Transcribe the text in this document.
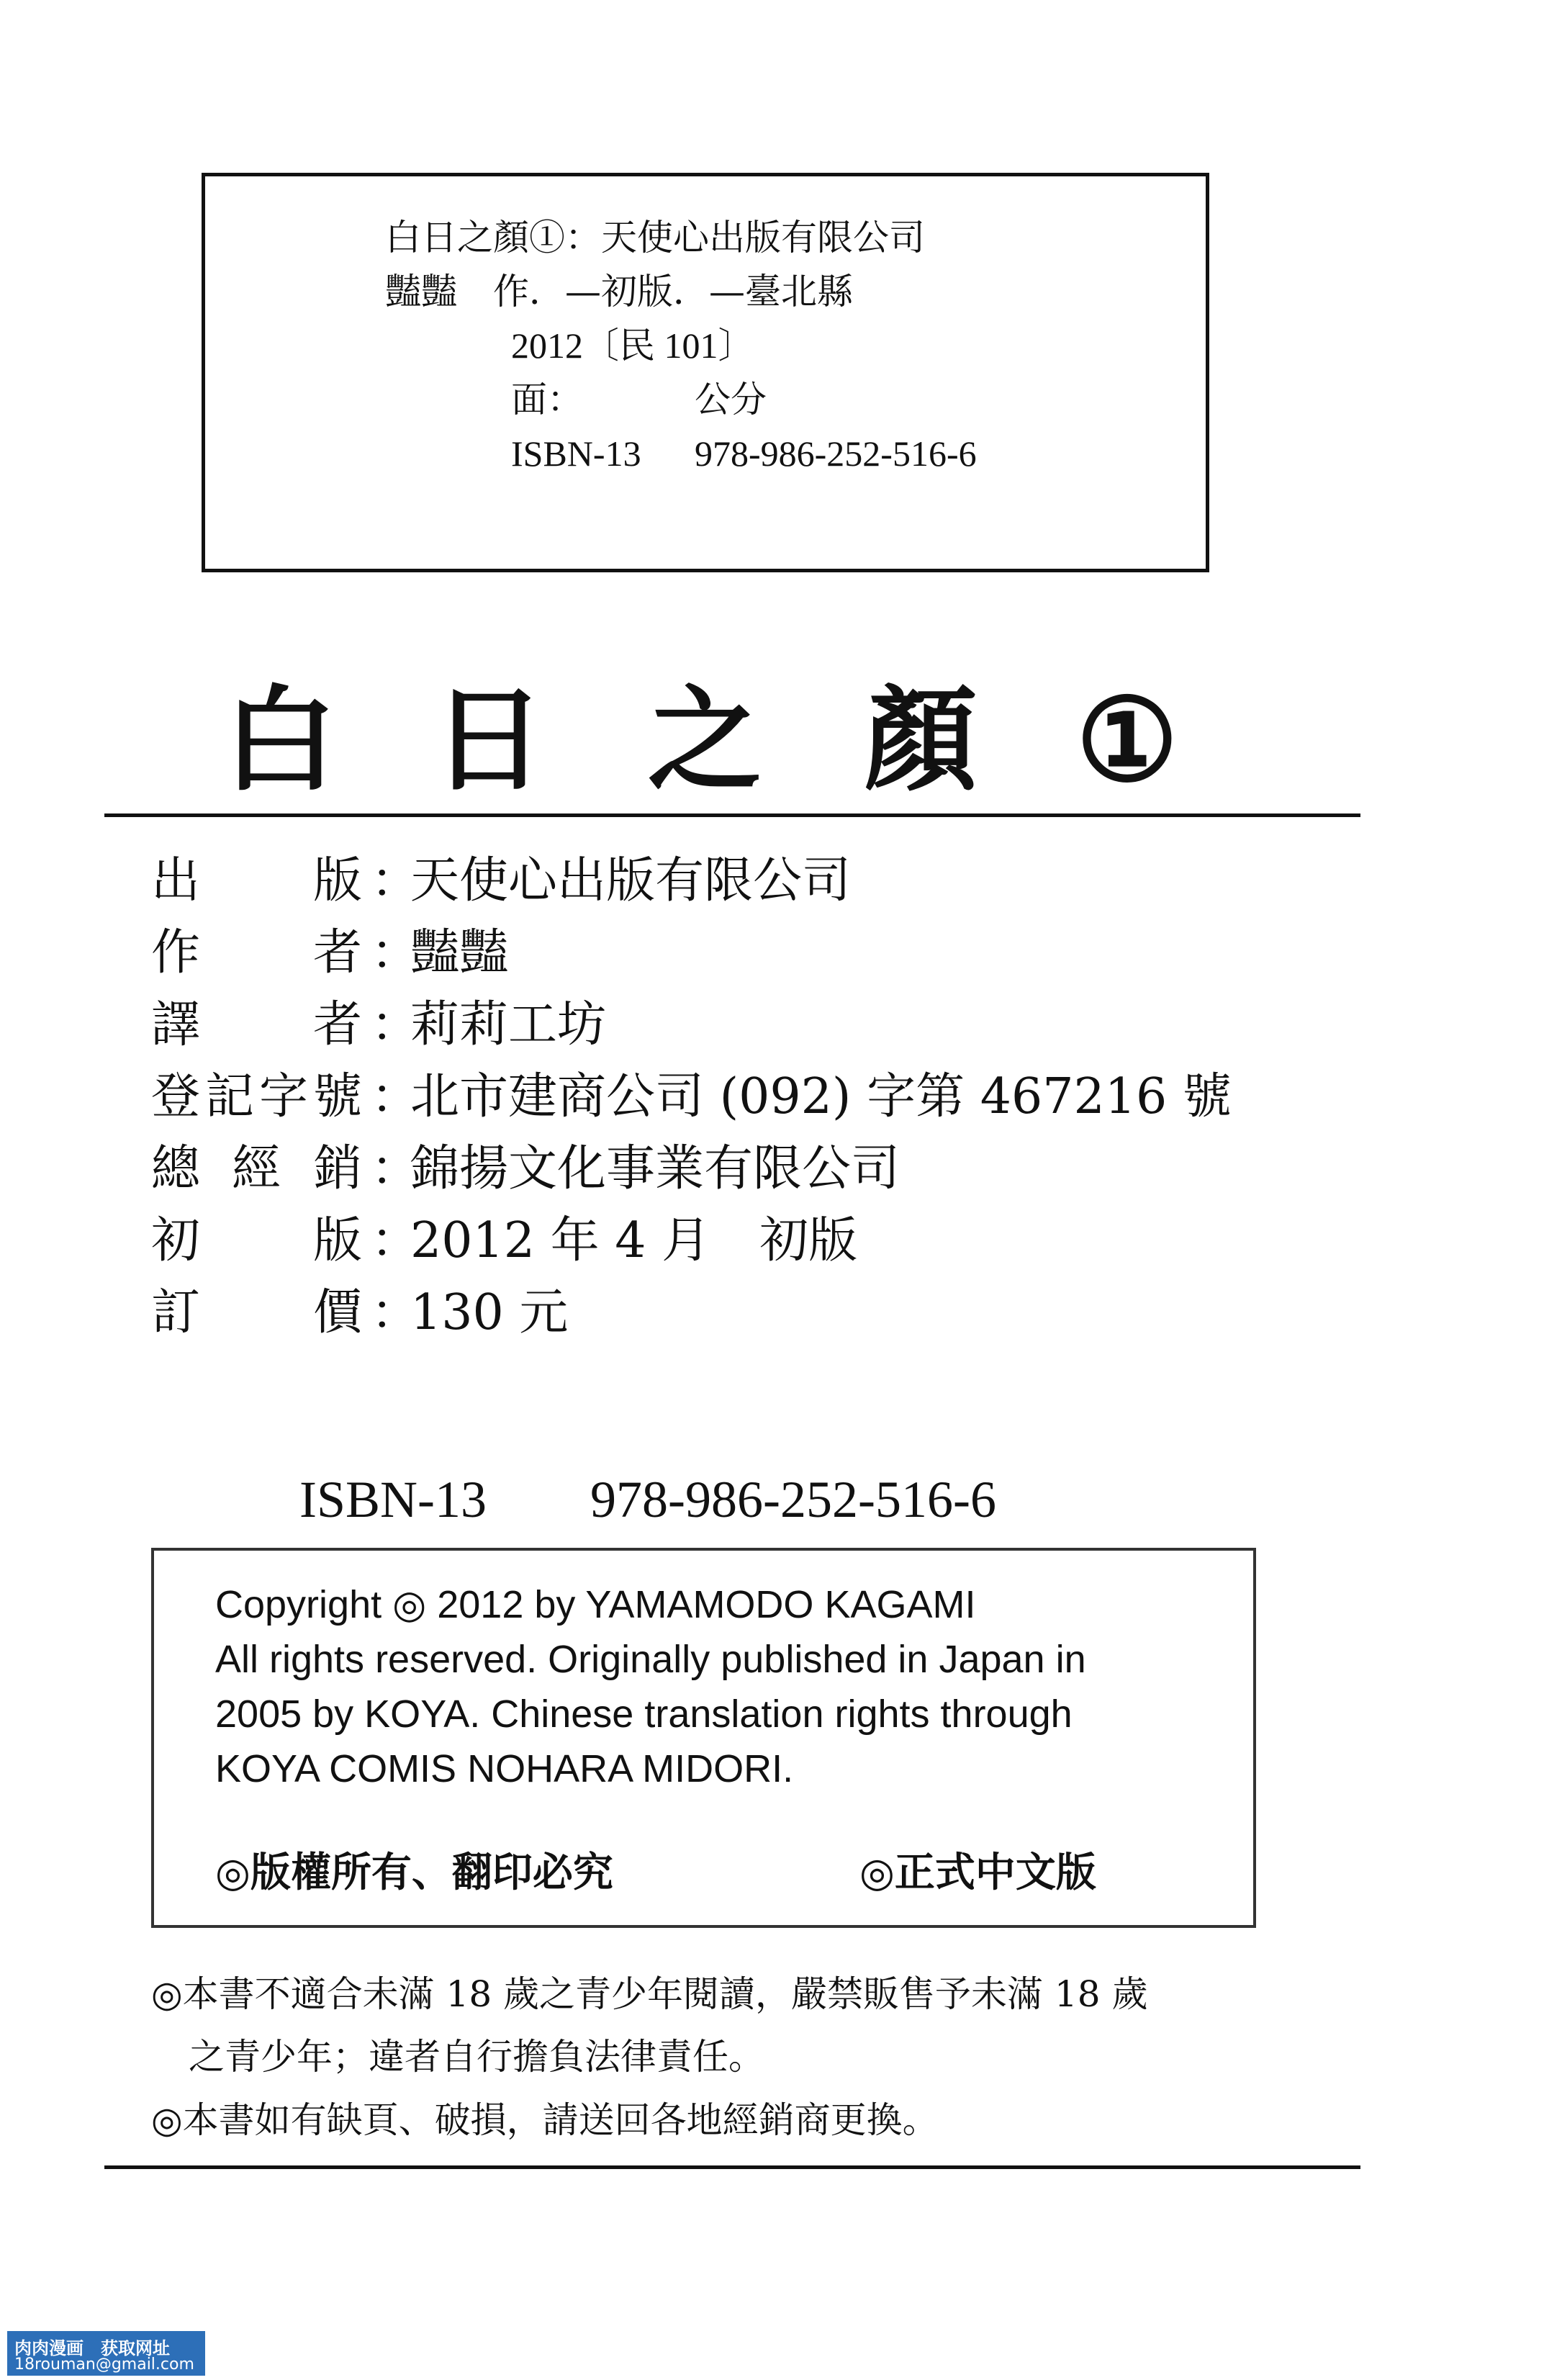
白日之顏①：天使心出版有限公司
豔豔　作．—初版．—臺北縣
2012〔民 101〕
面：	公分
ISBN-13 978-986-252-516-6
白 日 之 顏 ①
出 版 ：
天使心出版有限公司
作 者 ：
豔豔
譯 者 ：
莉莉工坊
登 記 字 號 ：
北市建商公司 (092) 字第 467216 號
總 經 銷 ：
錦揚文化事業有限公司
初 版 ：
2012 年 4 月　初版
訂 價 ：
130 元

ISBN-13　　 978-986-252-516-6

Copyright ◎ 2012 by YAMAMODO KAGAMI
All rights reserved. Originally published in Japan in
2005 by KOYA. Chinese translation rights through
KOYA COMIS NOHARA MIDORI.
◎版權所有、翻印必究	◎正式中文版
◎本書不適合未滿 18 歲之青少年閱讀，嚴禁販售予未滿 18 歲
之青少年；違者自行擔負法律責任。
◎本書如有缺頁、破損，請送回各地經銷商更換。
肉肉漫画　获取网址
18rouman@gmail.com
